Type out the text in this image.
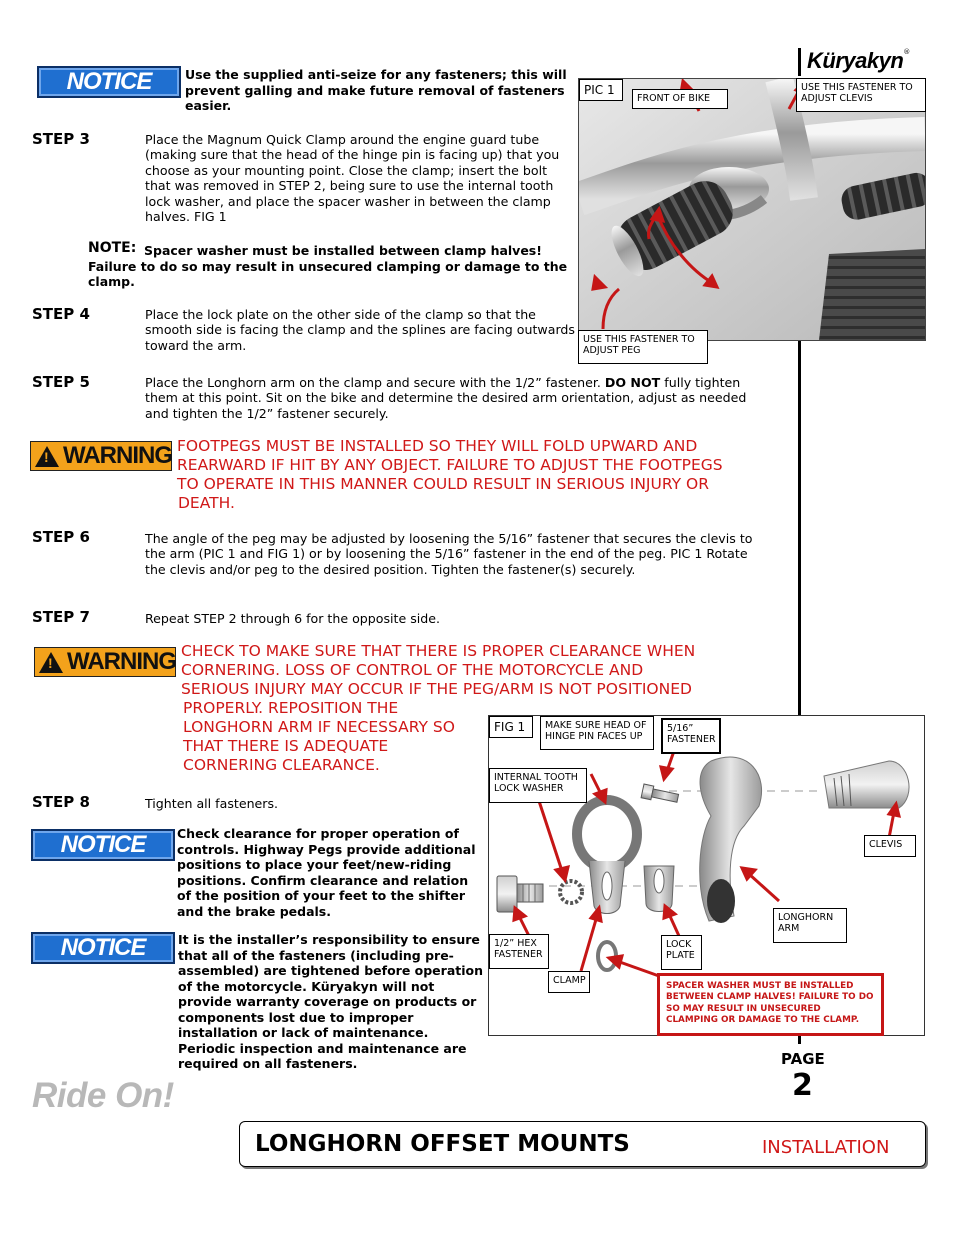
Küryakyn®
NOTICE	Use the supplied anti-seize for any fasteners; this will prevent galling and make future removal of fasteners easier.
STEP 3	Place the Magnum Quick Clamp around the engine guard tube (making sure that the head of the hinge pin is facing up) that you choose as your mounting point. Close the clamp; insert the bolt that was removed in STEP 2, being sure to use the internal tooth lock washer, and place the spacer washer in between the clamp halves. FIG 1
NOTE: Spacer washer must be installed between clamp halves! Failure to do so may result in unsecured clamping or damage to the clamp.
STEP 4	Place the lock plate on the other side of the clamp so that the smooth side is facing the clamp and the splines are facing outwards toward the arm.
STEP 5	Place the Longhorn arm on the clamp and secure with the 1/2” fastener. DO NOT fully tighten them at this point. Sit on the bike and determine the desired arm orientation, adjust as needed and tighten the 1/2” fastener securely.
!
WARNING FOOTPEGS MUST BE INSTALLED SO THEY WILL FOLD UPWARD AND
REARWARD IF HIT BY ANY OBJECT. FAILURE TO ADJUST THE FOOTPEGS
TO OPERATE IN THIS MANNER COULD RESULT IN SERIOUS INJURY OR
DEATH.
STEP 6	The angle of the peg may be adjusted by loosening the 5/16” fastener that secures the clevis to the arm (PIC 1 and FIG 1) or by loosening the 5/16” fastener in the end of the peg. PIC 1 Rotate the clevis and/or peg to the desired position. Tighten the fastener(s) securely.
STEP 7	Repeat STEP 2 through 6 for the opposite side.
!
WARNING CHECK TO MAKE SURE THAT THERE IS PROPER CLEARANCE WHEN
CORNERING. LOSS OF CONTROL OF THE MOTORCYCLE AND
SERIOUS INJURY MAY OCCUR IF THE PEG/ARM IS NOT POSITIONED
PROPERLY. REPOSITION THE
LONGHORN ARM IF NECESSARY SO
THAT THERE IS ADEQUATE
CORNERING CLEARANCE.
STEP 8	Tighten all fasteners.
NOTICE	Check clearance for proper operation of controls. Highway Pegs provide additional positions to place your feet/new-riding positions. Confirm clearance and relation of the position of your feet to the shifter and the brake pedals.
NOTICE	It is the installer’s responsibility to ensure that all of the fasteners (including pre-assembled) are tightened before operation of the motorcycle. Küryakyn will not provide warranty coverage on products or components lost due to improper installation or lack of maintenance. Periodic inspection and maintenance are required on all fasteners.
PIC 1
FRONT OF BIKE
USE THIS FASTENER TO ADJUST CLEVIS
USE THIS FASTENER TO ADJUST PEG
FIG 1	MAKE SURE HEAD OF HINGE PIN FACES UP
5/16” FASTENER
INTERNAL TOOTH LOCK WASHER
CLEVIS
LONGHORN ARM
1/2” HEX FASTENER
LOCK PLATE
CLAMP	SPACER WASHER MUST BE INSTALLED BETWEEN CLAMP HALVES! FAILURE TO DO SO MAY RESULT IN UNSECURED CLAMPING OR DAMAGE TO THE CLAMP.
PAGE
2
Ride On!
LONGHORN OFFSET MOUNTS	INSTALLATION
